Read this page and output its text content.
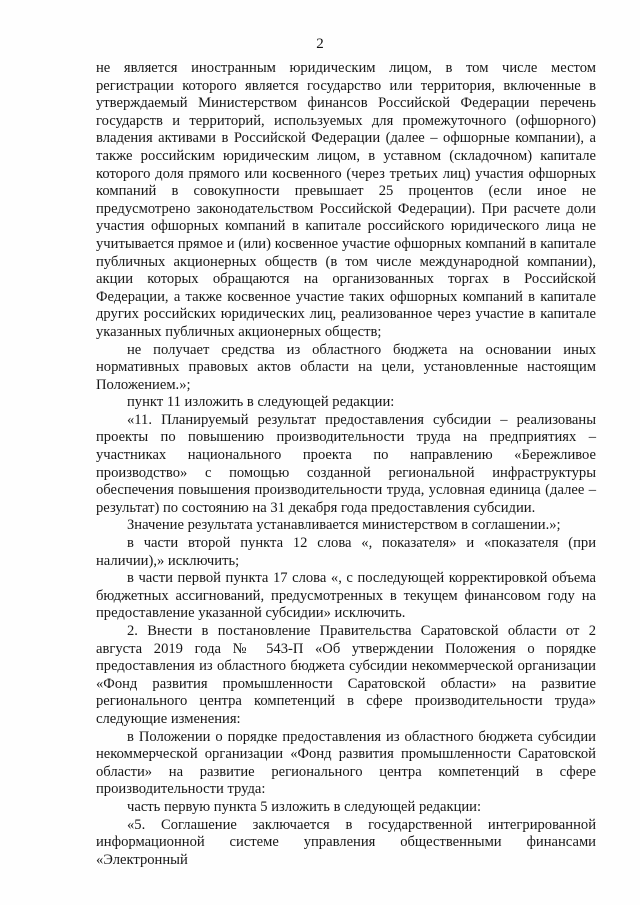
2

не является иностранным юридическим лицом, в том числе местом регистрации которого является государство или территория, включенные в утверждаемый Министерством финансов Российской Федерации перечень государств и территорий, используемых для промежуточного (офшорного) владения активами в Российской Федерации (далее – офшорные компании), а также российским юридическим лицом, в уставном (складочном) капитале которого доля прямого или косвенного (через третьих лиц) участия офшорных компаний в совокупности превышает 25 процентов (если иное не предусмотрено законодательством Российской Федерации). При расчете доли участия офшорных компаний в капитале российского юридического лица не учитывается прямое и (или) косвенное участие офшорных компаний в капитале публичных акционерных обществ (в том числе международной компании), акции которых обращаются на организованных торгах в Российской Федерации, а также косвенное участие таких офшорных компаний в капитале других российских юридических лиц, реализованное через участие в капитале указанных публичных акционерных обществ;

не получает средства из областного бюджета на основании иных нормативных правовых актов области на цели, установленные настоящим Положением.»;

пункт 11 изложить в следующей редакции:

«11. Планируемый результат предоставления субсидии – реализованы проекты по повышению производительности труда на предприятиях – участниках национального проекта по направлению «Бережливое производство» с помощью созданной региональной инфраструктуры обеспечения повышения производительности труда, условная единица (далее – результат) по состоянию на 31 декабря года предоставления субсидии.

Значение результата устанавливается министерством в соглашении.»;

в части второй пункта 12 слова «, показателя» и «показателя (при наличии),» исключить;

в части первой пункта 17 слова «, с последующей корректировкой объема бюджетных ассигнований, предусмотренных в текущем финансовом году на предоставление указанной субсидии» исключить.

2. Внести в постановление Правительства Саратовской области от 2 августа 2019 года № 543-П «Об утверждении Положения о порядке предоставления из областного бюджета субсидии некоммерческой организации «Фонд развития промышленности Саратовской области» на развитие регионального центра компетенций в сфере производительности труда» следующие изменения:

в Положении о порядке предоставления из областного бюджета субсидии некоммерческой организации «Фонд развития промышленности Саратовской области» на развитие регионального центра компетенций в сфере производительности труда:

часть первую пункта 5 изложить в следующей редакции:

«5. Соглашение заключается в государственной интегрированной информационной системе управления общественными финансами «Электронный
